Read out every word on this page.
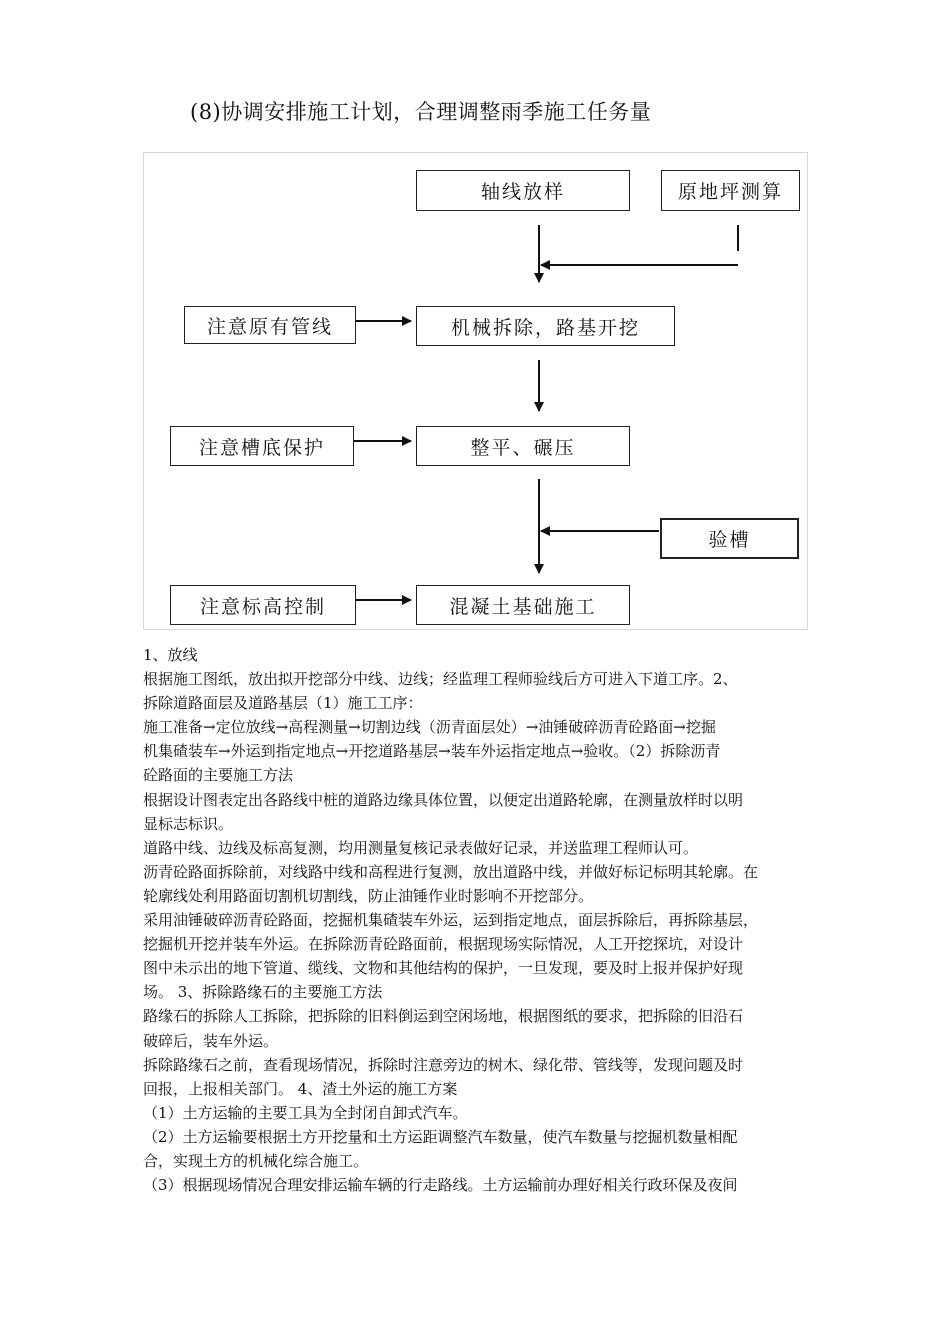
(8)协调安排施工计划，合理调整雨季施工任务量
轴线放样	原地坪测算
注意原有管线	机械拆除，路基开挖
注意槽底保护	整平、碾压
验槽
注意标高控制	混凝土基础施工

1、放线

根据施工图纸，放出拟开挖部分中线、边线；经监理工程师验线后方可进入下道工序。2、

拆除道路面层及道路基层（1）施工工序：

施工准备→定位放线→高程测量→切割边线（沥青面层处）→油锤破碎沥青砼路面→挖掘

机集碴装车→外运到指定地点→开挖道路基层→装车外运指定地点→验收。（2）拆除沥青

砼路面的主要施工方法

根据设计图表定出各路线中桩的道路边缘具体位置，以便定出道路轮廓，在测量放样时以明

显标志标识。

道路中线、边线及标高复测，均用测量复核记录表做好记录，并送监理工程师认可。

沥青砼路面拆除前，对线路中线和高程进行复测，放出道路中线，并做好标记标明其轮廓。在

轮廓线处利用路面切割机切割线，防止油锤作业时影响不开挖部分。

采用油锤破碎沥青砼路面，挖掘机集碴装车外运，运到指定地点，面层拆除后，再拆除基层，

挖掘机开挖并装车外运。在拆除沥青砼路面前，根据现场实际情况，人工开挖探坑，对设计

图中未示出的地下管道、缆线、文物和其他结构的保护，一旦发现，要及时上报并保护好现

场。 3、拆除路缘石的主要施工方法

路缘石的拆除人工拆除，把拆除的旧料倒运到空闲场地，根据图纸的要求，把拆除的旧沿石

破碎后，装车外运。

拆除路缘石之前，查看现场情况，拆除时注意旁边的树木、绿化带、管线等，发现问题及时

回报，上报相关部门。 4、渣土外运的施工方案

（1）土方运输的主要工具为全封闭自卸式汽车。

（2）土方运输要根据土方开挖量和土方运距调整汽车数量，使汽车数量与挖掘机数量相配

合，实现土方的机械化综合施工。

（3）根据现场情况合理安排运输车辆的行走路线。土方运输前办理好相关行政环保及夜间
